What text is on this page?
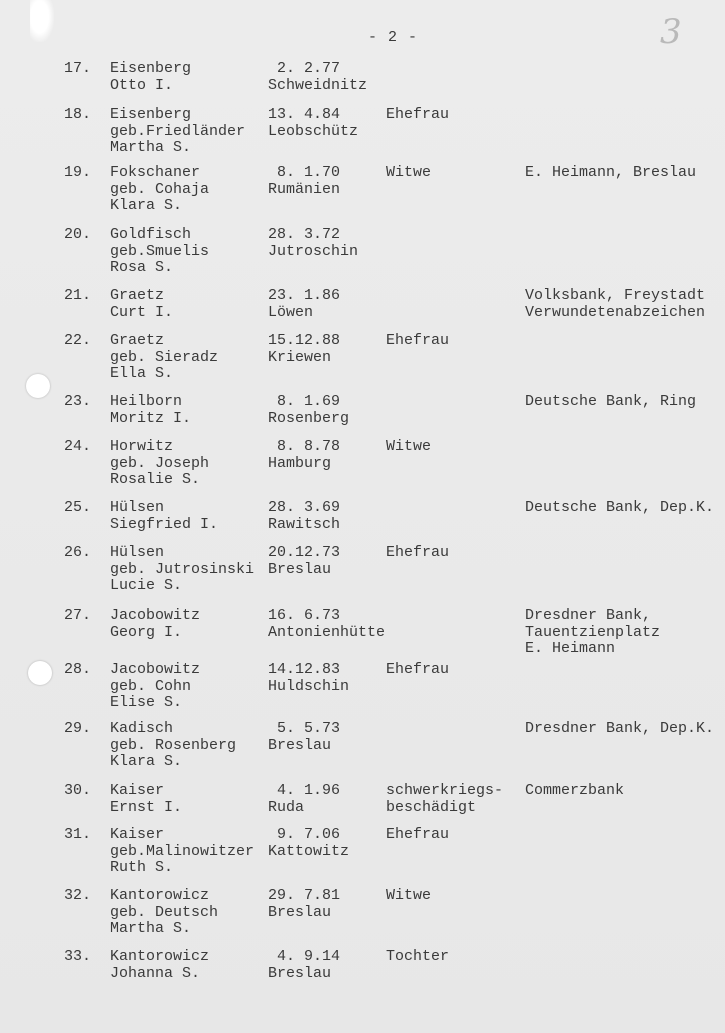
- 2 -	3
17. Eisenberg
Otto I.
2. 2.77
Schweidnitz
18. Eisenberg
geb.Friedländer
Martha S.
13. 4.84
Leobschütz
Ehefrau
19. Fokschaner
geb. Cohaja
Klara S.
8. 1.70
Rumänien
Witwe	E. Heimann, Breslau
20. Goldfisch
geb.Smuelis
Rosa S.
28. 3.72
Jutroschin
21. Graetz
Curt I.
23. 1.86
Löwen
Volksbank, Freystadt
Verwundetenabzeichen
22. Graetz
geb. Sieradz
Ella S.
15.12.88
Kriewen
Ehefrau
23. Heilborn
Moritz I.
8. 1.69
Rosenberg
Deutsche Bank, Ring
24. Horwitz
geb. Joseph
Rosalie S.
8. 8.78
Hamburg
Witwe
25. Hülsen
Siegfried I.
28. 3.69
Rawitsch
Deutsche Bank, Dep.K.
26. Hülsen
geb. Jutrosinski
Lucie S.
20.12.73
Breslau
Ehefrau
27. Jacobowitz
Georg I.
16. 6.73
Antonienhütte
Dresdner Bank,
Tauentzienplatz
E. Heimann
28. Jacobowitz
geb. Cohn
Elise S.
14.12.83
Huldschin
Ehefrau
29. Kadisch
geb. Rosenberg
Klara S.
5. 5.73
Breslau
Dresdner Bank, Dep.K.
30. Kaiser
Ernst I.
4. 1.96
Ruda
schwerkriegs-
beschädigt
Commerzbank
31. Kaiser
geb.Malinowitzer
Ruth S.
9. 7.06
Kattowitz
Ehefrau
32. Kantorowicz
geb. Deutsch
Martha S.
29. 7.81
Breslau
Witwe
33. Kantorowicz
Johanna S.
4. 9.14
Breslau
Tochter
